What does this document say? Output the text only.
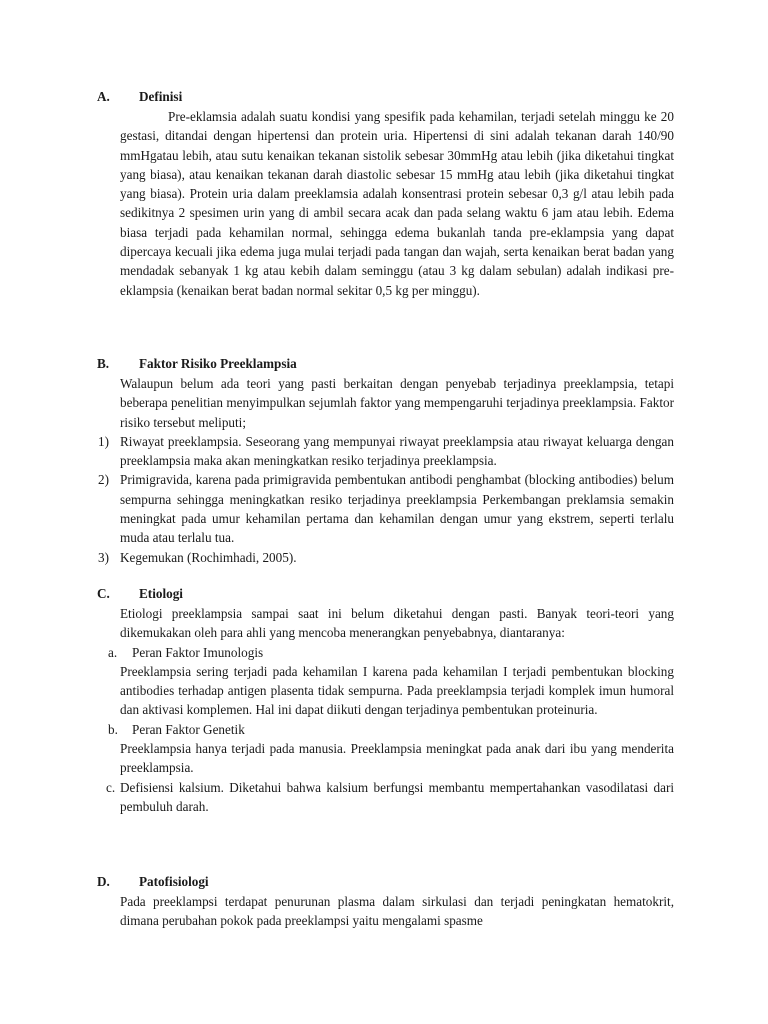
A. Definisi
Pre-eklamsia adalah suatu kondisi yang spesifik pada kehamilan, terjadi setelah minggu ke 20 gestasi, ditandai dengan hipertensi dan protein uria. Hipertensi di sini adalah tekanan darah 140/90 mmHgatau lebih, atau sutu kenaikan tekanan sistolik sebesar 30mmHg atau lebih (jika diketahui tingkat yang biasa), atau kenaikan tekanan darah diastolic sebesar 15 mmHg atau lebih (jika diketahui tingkat yang biasa). Protein uria dalam preeklamsia adalah konsentrasi protein sebesar 0,3 g/l atau lebih pada sedikitnya 2 spesimen urin yang di ambil secara acak dan pada selang waktu 6 jam atau lebih. Edema biasa terjadi pada kehamilan normal, sehingga edema bukanlah tanda pre-eklampsia yang dapat dipercaya kecuali jika edema juga mulai terjadi pada tangan dan wajah, serta kenaikan berat badan yang mendadak sebanyak 1 kg atau kebih dalam seminggu (atau 3 kg dalam sebulan) adalah indikasi pre-eklampsia (kenaikan berat badan normal sekitar 0,5 kg per minggu).
B. Faktor Risiko Preeklampsia
Walaupun belum ada teori yang pasti berkaitan dengan penyebab terjadinya preeklampsia, tetapi beberapa penelitian menyimpulkan sejumlah faktor yang mempengaruhi terjadinya preeklampsia. Faktor risiko tersebut meliputi;
1) Riwayat preeklampsia. Seseorang yang mempunyai riwayat preeklampsia atau riwayat keluarga dengan preeklampsia maka akan meningkatkan resiko terjadinya preeklampsia.
2) Primigravida, karena pada primigravida pembentukan antibodi penghambat (blocking antibodies) belum sempurna sehingga meningkatkan resiko terjadinya preeklampsia Perkembangan preklamsia semakin meningkat pada umur kehamilan pertama dan kehamilan dengan umur yang ekstrem, seperti terlalu muda atau terlalu tua.
3) Kegemukan (Rochimhadi, 2005).
C. Etiologi
Etiologi preeklampsia sampai saat ini belum diketahui dengan pasti. Banyak teori-teori yang dikemukakan oleh para ahli yang mencoba menerangkan penyebabnya, diantaranya:
a. Peran Faktor Imunologis
Preeklampsia sering terjadi pada kehamilan I karena pada kehamilan I terjadi pembentukan blocking antibodies terhadap antigen plasenta tidak sempurna. Pada preeklampsia terjadi komplek imun humoral dan aktivasi komplemen. Hal ini dapat diikuti dengan terjadinya pembentukan proteinuria.
b. Peran Faktor Genetik
Preeklampsia hanya terjadi pada manusia. Preeklampsia meningkat pada anak dari ibu yang menderita preeklampsia.
c. Defisiensi kalsium. Diketahui bahwa kalsium berfungsi membantu mempertahankan vasodilatasi dari pembuluh darah.
D. Patofisiologi
Pada preeklampsi terdapat penurunan plasma dalam sirkulasi dan terjadi peningkatan hematokrit, dimana perubahan pokok pada preeklampsi yaitu mengalami spasme
